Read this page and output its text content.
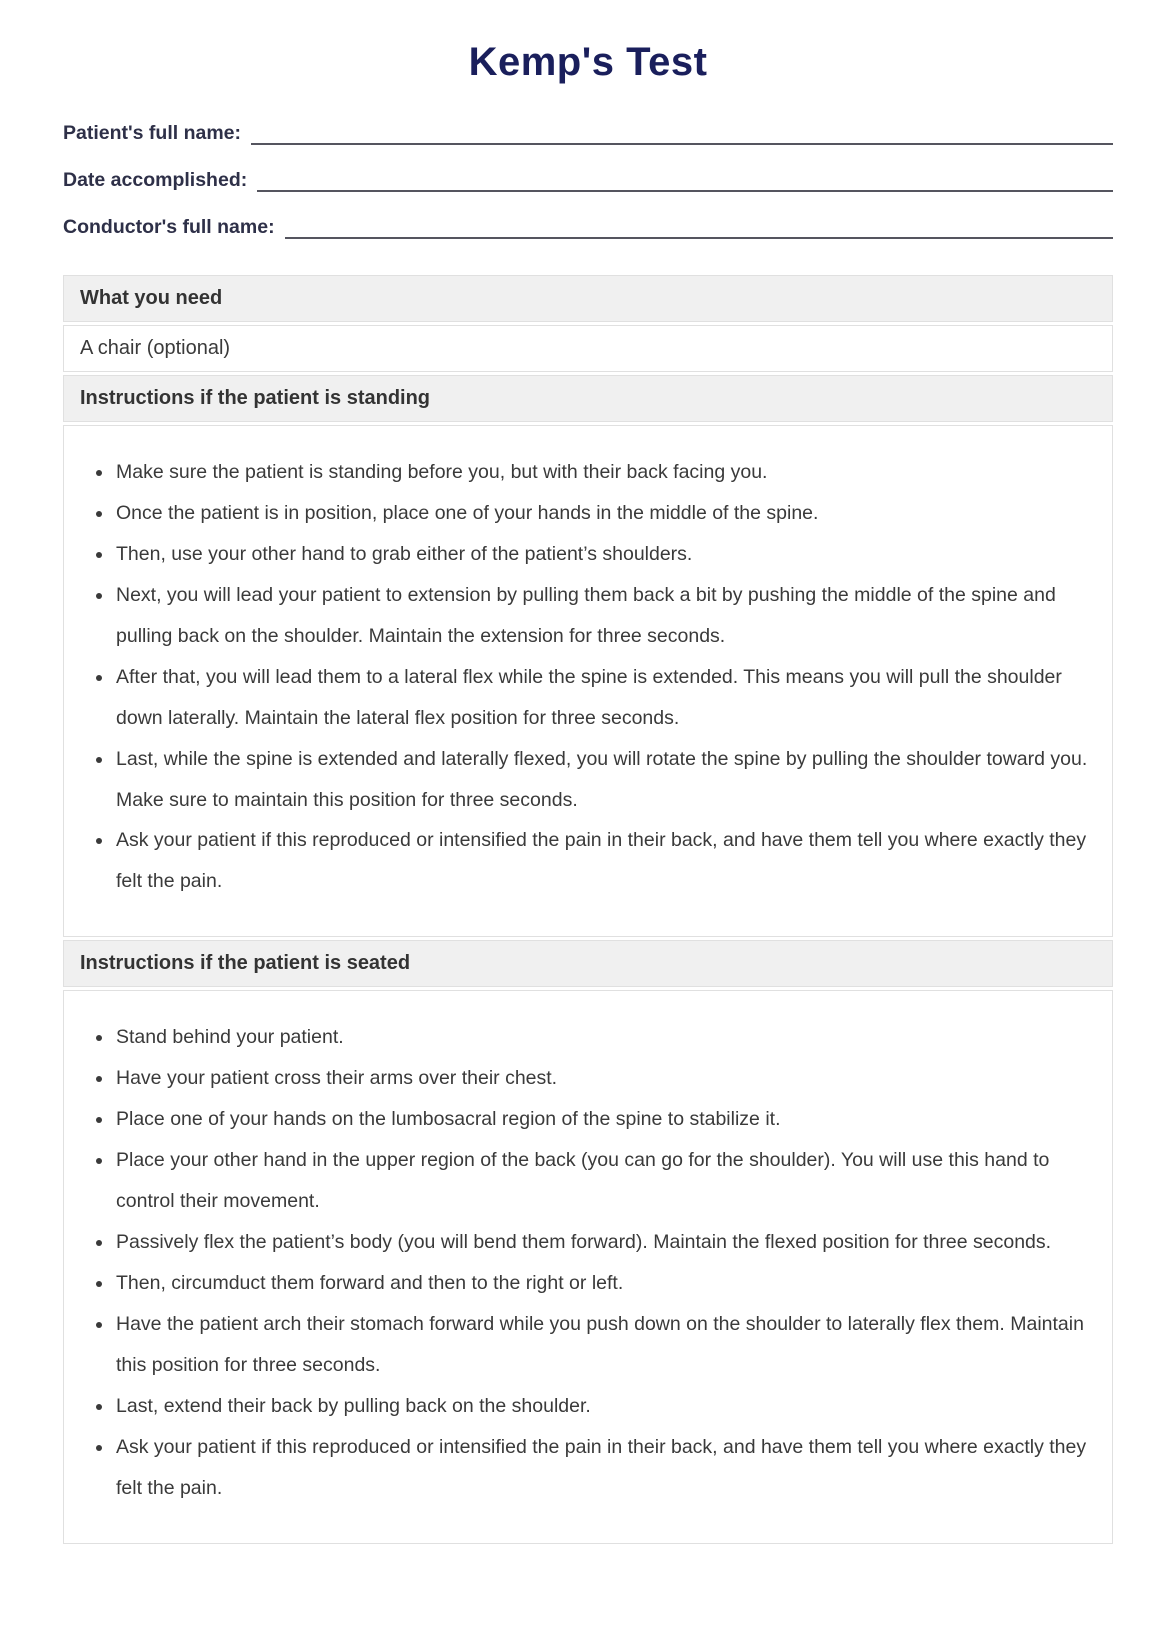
Kemp's Test
Patient's full name:
Date accomplished:
Conductor's full name:
What you need
A chair (optional)
Instructions if the patient is standing
• Make sure the patient is standing before you, but with their back facing you.
• Once the patient is in position, place one of your hands in the middle of the spine.
• Then, use your other hand to grab either of the patient’s shoulders.
• Next, you will lead your patient to extension by pulling them back a bit by pushing the middle of the spine and pulling back on the shoulder. Maintain the extension for three seconds.
• After that, you will lead them to a lateral flex while the spine is extended. This means you will pull the shoulder down laterally. Maintain the lateral flex position for three seconds.
• Last, while the spine is extended and laterally flexed, you will rotate the spine by pulling the shoulder toward you. Make sure to maintain this position for three seconds.
• Ask your patient if this reproduced or intensified the pain in their back, and have them tell you where exactly they felt the pain.
Instructions if the patient is seated
• Stand behind your patient.
• Have your patient cross their arms over their chest.
• Place one of your hands on the lumbosacral region of the spine to stabilize it.
• Place your other hand in the upper region of the back (you can go for the shoulder). You will use this hand to control their movement.
• Passively flex the patient’s body (you will bend them forward). Maintain the flexed position for three seconds.
• Then, circumduct them forward and then to the right or left.
• Have the patient arch their stomach forward while you push down on the shoulder to laterally flex them. Maintain this position for three seconds.
• Last, extend their back by pulling back on the shoulder.
• Ask your patient if this reproduced or intensified the pain in their back, and have them tell you where exactly they felt the pain.
